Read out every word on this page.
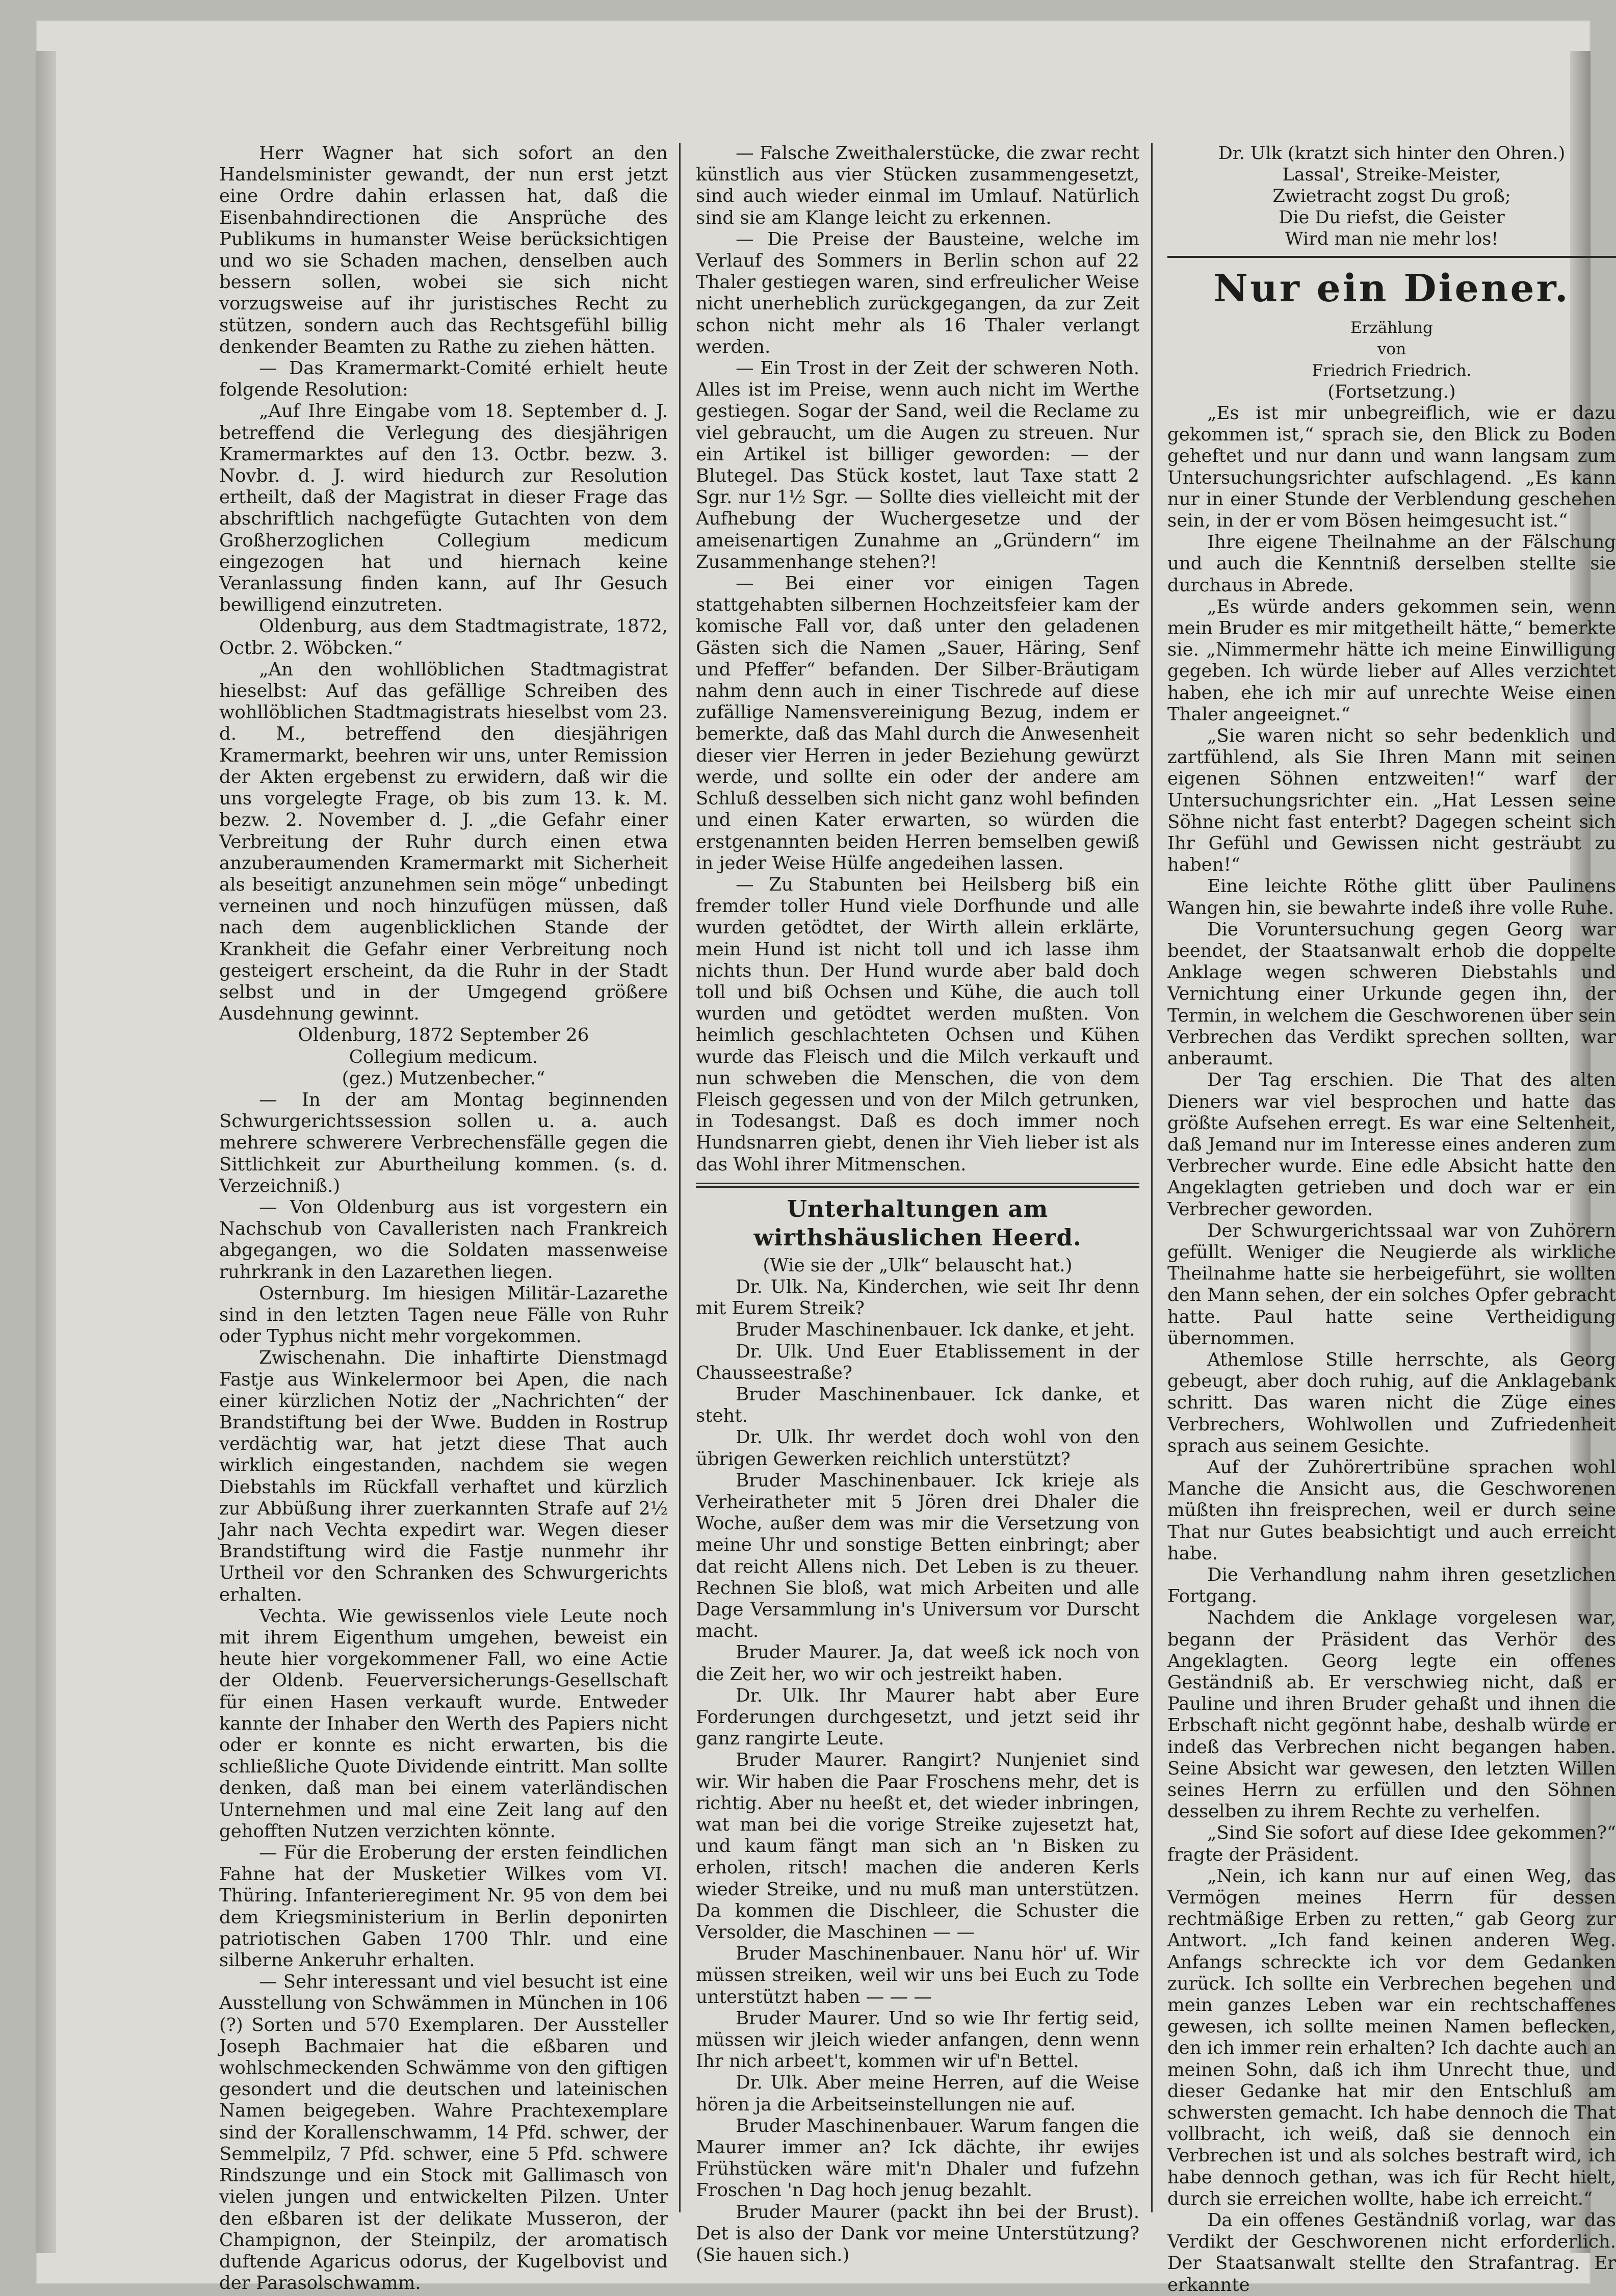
Herr Wagner hat sich sofort an den Handelsminister gewandt, der nun erst jetzt eine Ordre dahin erlassen hat, daß die Eisenbahndirectionen die Ansprüche des Publikums in humanster Weise berücksichtigen und wo sie Schaden machen, denselben auch bessern sollen, wobei sie sich nicht vorzugsweise auf ihr juristisches Recht zu stützen, sondern auch das Rechtsgefühl billig denkender Beamten zu Rathe zu ziehen hätten.

— Das Kramermarkt-Comité erhielt heute folgende Resolution:

„Auf Ihre Eingabe vom 18. September d. J. betreffend die Verlegung des diesjährigen Kramermarktes auf den 13. Octbr. bezw. 3. Novbr. d. J. wird hiedurch zur Resolution ertheilt, daß der Magistrat in dieser Frage das abschriftlich nachgefügte Gutachten von dem Großherzoglichen Collegium medicum eingezogen hat und hiernach keine Veranlassung finden kann, auf Ihr Gesuch bewilligend einzutreten.

Oldenburg, aus dem Stadtmagistrate, 1872, Octbr. 2. Wöbcken.“

„An den wohllöblichen Stadtmagistrat hieselbst: Auf das gefällige Schreiben des wohllöblichen Stadtmagistrats hieselbst vom 23. d. M., betreffend den diesjährigen Kramermarkt, beehren wir uns, unter Remission der Akten ergebenst zu erwidern, daß wir die uns vorgelegte Frage, ob bis zum 13. k. M. bezw. 2. November d. J. „die Gefahr einer Verbreitung der Ruhr durch einen etwa anzuberaumenden Kramermarkt mit Sicherheit als beseitigt anzunehmen sein möge“ unbedingt verneinen und noch hinzufügen müssen, daß nach dem augenblicklichen Stande der Krankheit die Gefahr einer Verbreitung noch gesteigert erscheint, da die Ruhr in der Stadt selbst und in der Umgegend größere Ausdehnung gewinnt.

Oldenburg, 1872 September 26

Collegium medicum.

(gez.) Mutzenbecher.“

— In der am Montag beginnenden Schwurgerichtssession sollen u. a. auch mehrere schwerere Verbrechensfälle gegen die Sittlichkeit zur Aburtheilung kommen. (s. d. Verzeichniß.)

— Von Oldenburg aus ist vorgestern ein Nachschub von Cavalleristen nach Frankreich abgegangen, wo die Soldaten massenweise ruhrkrank in den Lazarethen liegen.

Osternburg. Im hiesigen Militär-Lazarethe sind in den letzten Tagen neue Fälle von Ruhr oder Typhus nicht mehr vorgekommen.

Zwischenahn. Die inhaftirte Dienstmagd Fastje aus Winkelermoor bei Apen, die nach einer kürzlichen Notiz der „Nachrichten“ der Brandstiftung bei der Wwe. Budden in Rostrup verdächtig war, hat jetzt diese That auch wirklich eingestanden, nachdem sie wegen Diebstahls im Rückfall verhaftet und kürzlich zur Abbüßung ihrer zuerkannten Strafe auf 2½ Jahr nach Vechta expedirt war. Wegen dieser Brandstiftung wird die Fastje nunmehr ihr Urtheil vor den Schranken des Schwurgerichts erhalten.

Vechta. Wie gewissenlos viele Leute noch mit ihrem Eigenthum umgehen, beweist ein heute hier vorgekommener Fall, wo eine Actie der Oldenb. Feuerversicherungs-Gesellschaft für einen Hasen verkauft wurde. Entweder kannte der Inhaber den Werth des Papiers nicht oder er konnte es nicht erwarten, bis die schließliche Quote Dividende eintritt. Man sollte denken, daß man bei einem vaterländischen Unternehmen und mal eine Zeit lang auf den gehofften Nutzen verzichten könnte.

— Für die Eroberung der ersten feindlichen Fahne hat der Musketier Wilkes vom VI. Thüring. Infanterieregiment Nr. 95 von dem bei dem Kriegsministerium in Berlin deponirten patriotischen Gaben 1700 Thlr. und eine silberne Ankeruhr erhalten.

— Sehr interessant und viel besucht ist eine Ausstellung von Schwämmen in München in 106 (?) Sorten und 570 Exemplaren. Der Aussteller Joseph Bachmaier hat die eßbaren und wohlschmeckenden Schwämme von den giftigen gesondert und die deutschen und lateinischen Namen beigegeben. Wahre Prachtexemplare sind der Korallenschwamm, 14 Pfd. schwer, der Semmelpilz, 7 Pfd. schwer, eine 5 Pfd. schwere Rindszunge und ein Stock mit Gallimasch von vielen jungen und entwickelten Pilzen. Unter den eßbaren ist der delikate Musseron, der Champignon, der Steinpilz, der aromatisch duftende Agaricus odorus, der Kugelbovist und der Parasolschwamm.

— Falsche Zweithalerstücke, die zwar recht künstlich aus vier Stücken zusammengesetzt, sind auch wieder einmal im Umlauf. Natürlich sind sie am Klange leicht zu erkennen.

— Die Preise der Bausteine, welche im Verlauf des Sommers in Berlin schon auf 22 Thaler gestiegen waren, sind erfreulicher Weise nicht unerheblich zurückgegangen, da zur Zeit schon nicht mehr als 16 Thaler verlangt werden.

— Ein Trost in der Zeit der schweren Noth. Alles ist im Preise, wenn auch nicht im Werthe gestiegen. Sogar der Sand, weil die Reclame zu viel gebraucht, um die Augen zu streuen. Nur ein Artikel ist billiger geworden: — der Blutegel. Das Stück kostet, laut Taxe statt 2 Sgr. nur 1½ Sgr. — Sollte dies vielleicht mit der Aufhebung der Wuchergesetze und der ameisenartigen Zunahme an „Gründern“ im Zusammenhange stehen?!

— Bei einer vor einigen Tagen stattgehabten silbernen Hochzeitsfeier kam der komische Fall vor, daß unter den geladenen Gästen sich die Namen „Sauer, Häring, Senf und Pfeffer“ befanden. Der Silber-Bräutigam nahm denn auch in einer Tischrede auf diese zufällige Namensvereinigung Bezug, indem er bemerkte, daß das Mahl durch die Anwesenheit dieser vier Herren in jeder Beziehung gewürzt werde, und sollte ein oder der andere am Schluß desselben sich nicht ganz wohl befinden und einen Kater erwarten, so würden die erstgenannten beiden Herren bemselben gewiß in jeder Weise Hülfe angedeihen lassen.

— Zu Stabunten bei Heilsberg biß ein fremder toller Hund viele Dorfhunde und alle wurden getödtet, der Wirth allein erklärte, mein Hund ist nicht toll und ich lasse ihm nichts thun. Der Hund wurde aber bald doch toll und biß Ochsen und Kühe, die auch toll wurden und getödtet werden mußten. Von heimlich geschlachteten Ochsen und Kühen wurde das Fleisch und die Milch verkauft und nun schweben die Menschen, die von dem Fleisch gegessen und von der Milch getrunken, in Todesangst. Daß es doch immer noch Hundsnarren giebt, denen ihr Vieh lieber ist als das Wohl ihrer Mitmenschen.

Unterhaltungen am wirthshäuslichen Heerd.

(Wie sie der „Ulk“ belauscht hat.)

Dr. Ulk. Na, Kinderchen, wie seit Ihr denn mit Eurem Streik?

Bruder Maschinenbauer. Ick danke, et jeht.

Dr. Ulk. Und Euer Etablissement in der Chausseestraße?

Bruder Maschinenbauer. Ick danke, et steht.

Dr. Ulk. Ihr werdet doch wohl von den übrigen Gewerken reichlich unterstützt?

Bruder Maschinenbauer. Ick krieje als Verheiratheter mit 5 Jören drei Dhaler die Woche, außer dem was mir die Versetzung von meine Uhr und sonstige Betten einbringt; aber dat reicht Allens nich. Det Leben is zu theuer. Rechnen Sie bloß, wat mich Arbeiten und alle Dage Versammlung in's Universum vor Durscht macht.

Bruder Maurer. Ja, dat weeß ick noch von die Zeit her, wo wir och jestreikt haben.

Dr. Ulk. Ihr Maurer habt aber Eure Forderungen durchgesetzt, und jetzt seid ihr ganz rangirte Leute.

Bruder Maurer. Rangirt? Nunjeniet sind wir. Wir haben die Paar Froschens mehr, det is richtig. Aber nu heeßt et, det wieder inbringen, wat man bei die vorige Streike zujesetzt hat, und kaum fängt man sich an 'n Bisken zu erholen, ritsch! machen die anderen Kerls wieder Streike, und nu muß man unterstützen. Da kommen die Dischleer, die Schuster die Versolder, die Maschinen — —

Bruder Maschinenbauer. Nanu hör' uf. Wir müssen streiken, weil wir uns bei Euch zu Tode unterstützt haben — — —

Bruder Maurer. Und so wie Ihr fertig seid, müssen wir jleich wieder anfangen, denn wenn Ihr nich arbeet't, kommen wir uf'n Bettel.

Dr. Ulk. Aber meine Herren, auf die Weise hören ja die Arbeitseinstellungen nie auf.

Bruder Maschinenbauer. Warum fangen die Maurer immer an? Ick dächte, ihr ewijes Frühstücken wäre mit'n Dhaler und fufzehn Froschen 'n Dag hoch jenug bezahlt.

Bruder Maurer (packt ihn bei der Brust). Det is also der Dank vor meine Unterstützung? (Sie hauen sich.)

Dr. Ulk (kratzt sich hinter den Ohren.)
Lassal', Streike-Meister,
Zwietracht zogst Du groß;
Die Du riefst, die Geister
Wird man nie mehr los!
Nur ein Diener.
Erzählung
von
Friedrich Friedrich.
(Fortsetzung.)

„Es ist mir unbegreiflich, wie er dazu gekommen ist,“ sprach sie, den Blick zu Boden geheftet und nur dann und wann langsam zum Untersuchungsrichter aufschlagend. „Es kann nur in einer Stunde der Verblendung geschehen sein, in der er vom Bösen heimgesucht ist.“

Ihre eigene Theilnahme an der Fälschung und auch die Kenntniß derselben stellte sie durchaus in Abrede.

„Es würde anders gekommen sein, wenn mein Bruder es mir mitgetheilt hätte,“ bemerkte sie. „Nimmermehr hätte ich meine Einwilligung gegeben. Ich würde lieber auf Alles verzichtet haben, ehe ich mir auf unrechte Weise einen Thaler angeeignet.“

„Sie waren nicht so sehr bedenklich und zartfühlend, als Sie Ihren Mann mit seinen eigenen Söhnen entzweiten!“ warf der Untersuchungsrichter ein. „Hat Lessen seine Söhne nicht fast enterbt? Dagegen scheint sich Ihr Gefühl und Gewissen nicht gesträubt zu haben!“

Eine leichte Röthe glitt über Paulinens Wangen hin, sie bewahrte indeß ihre volle Ruhe.

Die Voruntersuchung gegen Georg war beendet, der Staatsanwalt erhob die doppelte Anklage wegen schweren Diebstahls und Vernichtung einer Urkunde gegen ihn, der Termin, in welchem die Geschworenen über sein Verbrechen das Verdikt sprechen sollten, war anberaumt.

Der Tag erschien. Die That des alten Dieners war viel besprochen und hatte das größte Aufsehen erregt. Es war eine Seltenheit, daß Jemand nur im Interesse eines anderen zum Verbrecher wurde. Eine edle Absicht hatte den Angeklagten getrieben und doch war er ein Verbrecher geworden.

Der Schwurgerichtssaal war von Zuhörern gefüllt. Weniger die Neugierde als wirkliche Theilnahme hatte sie herbeigeführt, sie wollten den Mann sehen, der ein solches Opfer gebracht hatte. Paul hatte seine Vertheidigung übernommen.

Athemlose Stille herrschte, als Georg gebeugt, aber doch ruhig, auf die Anklagebank schritt. Das waren nicht die Züge eines Verbrechers, Wohlwollen und Zufriedenheit sprach aus seinem Gesichte.

Auf der Zuhörertribüne sprachen wohl Manche die Ansicht aus, die Geschworenen müßten ihn freisprechen, weil er durch seine That nur Gutes beabsichtigt und auch erreicht habe.

Die Verhandlung nahm ihren gesetzlichen Fortgang.

Nachdem die Anklage vorgelesen war, begann der Präsident das Verhör des Angeklagten. Georg legte ein offenes Geständniß ab. Er verschwieg nicht, daß er Pauline und ihren Bruder gehaßt und ihnen die Erbschaft nicht gegönnt habe, deshalb würde er indeß das Verbrechen nicht begangen haben. Seine Absicht war gewesen, den letzten Willen seines Herrn zu erfüllen und den Söhnen desselben zu ihrem Rechte zu verhelfen.

„Sind Sie sofort auf diese Idee gekommen?“ fragte der Präsident.

„Nein, ich kann nur auf einen Weg, das Vermögen meines Herrn für dessen rechtmäßige Erben zu retten,“ gab Georg zur Antwort. „Ich fand keinen anderen Weg. Anfangs schreckte ich vor dem Gedanken zurück. Ich sollte ein Verbrechen begehen und mein ganzes Leben war ein rechtschaffenes gewesen, ich sollte meinen Namen beflecken, den ich immer rein erhalten? Ich dachte auch an meinen Sohn, daß ich ihm Unrecht thue, und dieser Gedanke hat mir den Entschluß am schwersten gemacht. Ich habe dennoch die That vollbracht, ich weiß, daß sie dennoch ein Verbrechen ist und als solches bestraft wird, ich habe dennoch gethan, was ich für Recht hielt, durch sie erreichen wollte, habe ich erreicht.“

Da ein offenes Geständniß vorlag, war das Verdikt der Geschworenen nicht erforderlich. Der Staatsanwalt stellte den Strafantrag. Er erkannte
